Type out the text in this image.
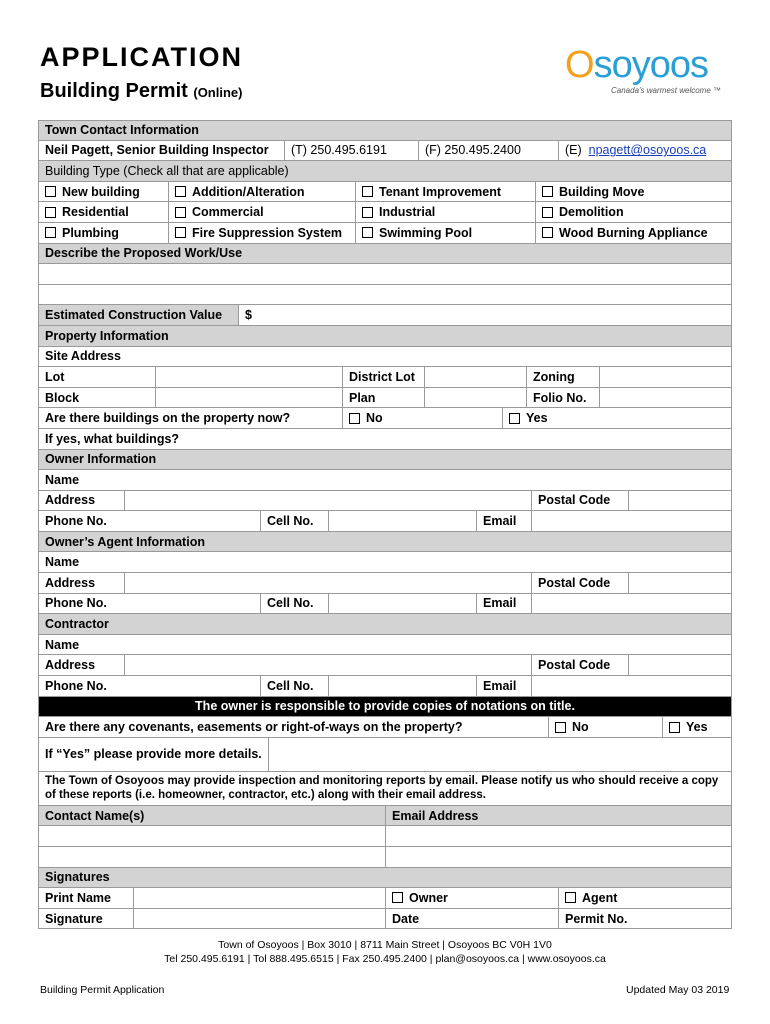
APPLICATION
Building Permit (Online)
Osoyoos
Canada's warmest welcome ™
Town Contact Information
Neil Pagett, Senior Building Inspector	(T) 250.495.6191	(F) 250.495.2400	(E)
npagett@osoyoos.ca
Building Type (Check all that are applicable)
New building	Addition/Alteration	Tenant Improvement	Building Move
Residential	Commercial	Industrial	Demolition
Plumbing	Fire Suppression System	Swimming Pool	Wood Burning Appliance
Describe the Proposed Work/Use
Estimated Construction Value	$
Property Information
Site Address
Lot	District Lot	Zoning
Block	Plan	Folio No.
Are there buildings on the property now?	No	Yes
If yes, what buildings?
Owner Information
Name
Address	Postal Code
Phone No.	Cell No.	Email
Owner’s Agent Information
Name
Address	Postal Code
Phone No.	Cell No.	Email
Contractor
Name
Address	Postal Code
Phone No.	Cell No.	Email
The owner is responsible to provide copies of notations on title.
Are there any covenants, easements or right-of-ways on the property?	No	Yes
If “Yes” please provide more details.
The Town of Osoyoos may provide inspection and monitoring reports by email. Please notify us who should receive a copy of these reports (i.e. homeowner, contractor, etc.) along with their email address.
Contact Name(s)	Email Address
Signatures
Print Name	Owner	Agent
Signature	Date	Permit No.
Town of Osoyoos | Box 3010 | 8711 Main Street | Osoyoos BC V0H 1V0
Tel 250.495.6191 | Tol 888.495.6515 | Fax 250.495.2400 | plan@osoyoos.ca | www.osoyoos.ca
Building Permit Application	Updated May 03 2019
